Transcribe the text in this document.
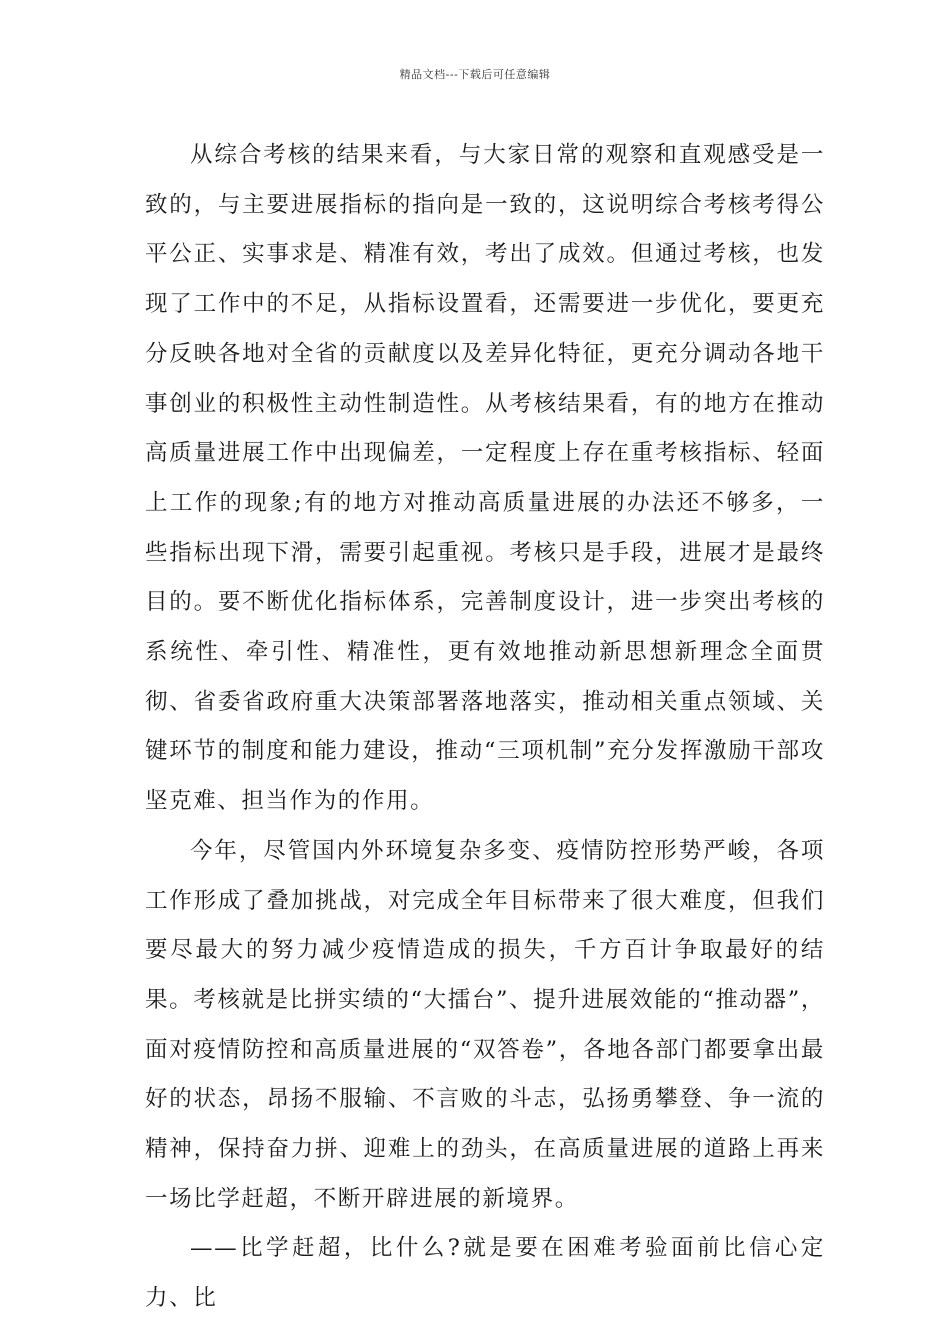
精品文档---下载后可任意编辑

从综合考核的结果来看，与大家日常的观察和直观感受是一致的，与主要进展指标的指向是一致的，这说明综合考核考得公平公正、实事求是、精准有效，考出了成效。但通过考核，也发现了工作中的不足，从指标设置看，还需要进一步优化，要更充分反映各地对全省的贡献度以及差异化特征，更充分调动各地干事创业的积极性主动性制造性。从考核结果看，有的地方在推动高质量进展工作中出现偏差，一定程度上存在重考核指标、轻面上工作的现象;有的地方对推动高质量进展的办法还不够多，一些指标出现下滑，需要引起重视。考核只是手段，进展才是最终目的。要不断优化指标体系，完善制度设计，进一步突出考核的系统性、牵引性、精准性，更有效地推动新思想新理念全面贯彻、省委省政府重大决策部署落地落实，推动相关重点领域、关键环节的制度和能力建设，推动“三项机制”充分发挥激励干部攻坚克难、担当作为的作用。

今年，尽管国内外环境复杂多变、疫情防控形势严峻，各项工作形成了叠加挑战，对完成全年目标带来了很大难度，但我们要尽最大的努力减少疫情造成的损失，千方百计争取最好的结果。考核就是比拼实绩的“大擂台”、提升进展效能的“推动器”，面对疫情防控和高质量进展的“双答卷”，各地各部门都要拿出最好的状态，昂扬不服输、不言败的斗志，弘扬勇攀登、争一流的精神，保持奋力拼、迎难上的劲头，在高质量进展的道路上再来一场比学赶超，不断开辟进展的新境界。

——比学赶超，比什么?就是要在困难考验面前比信心定力、比
